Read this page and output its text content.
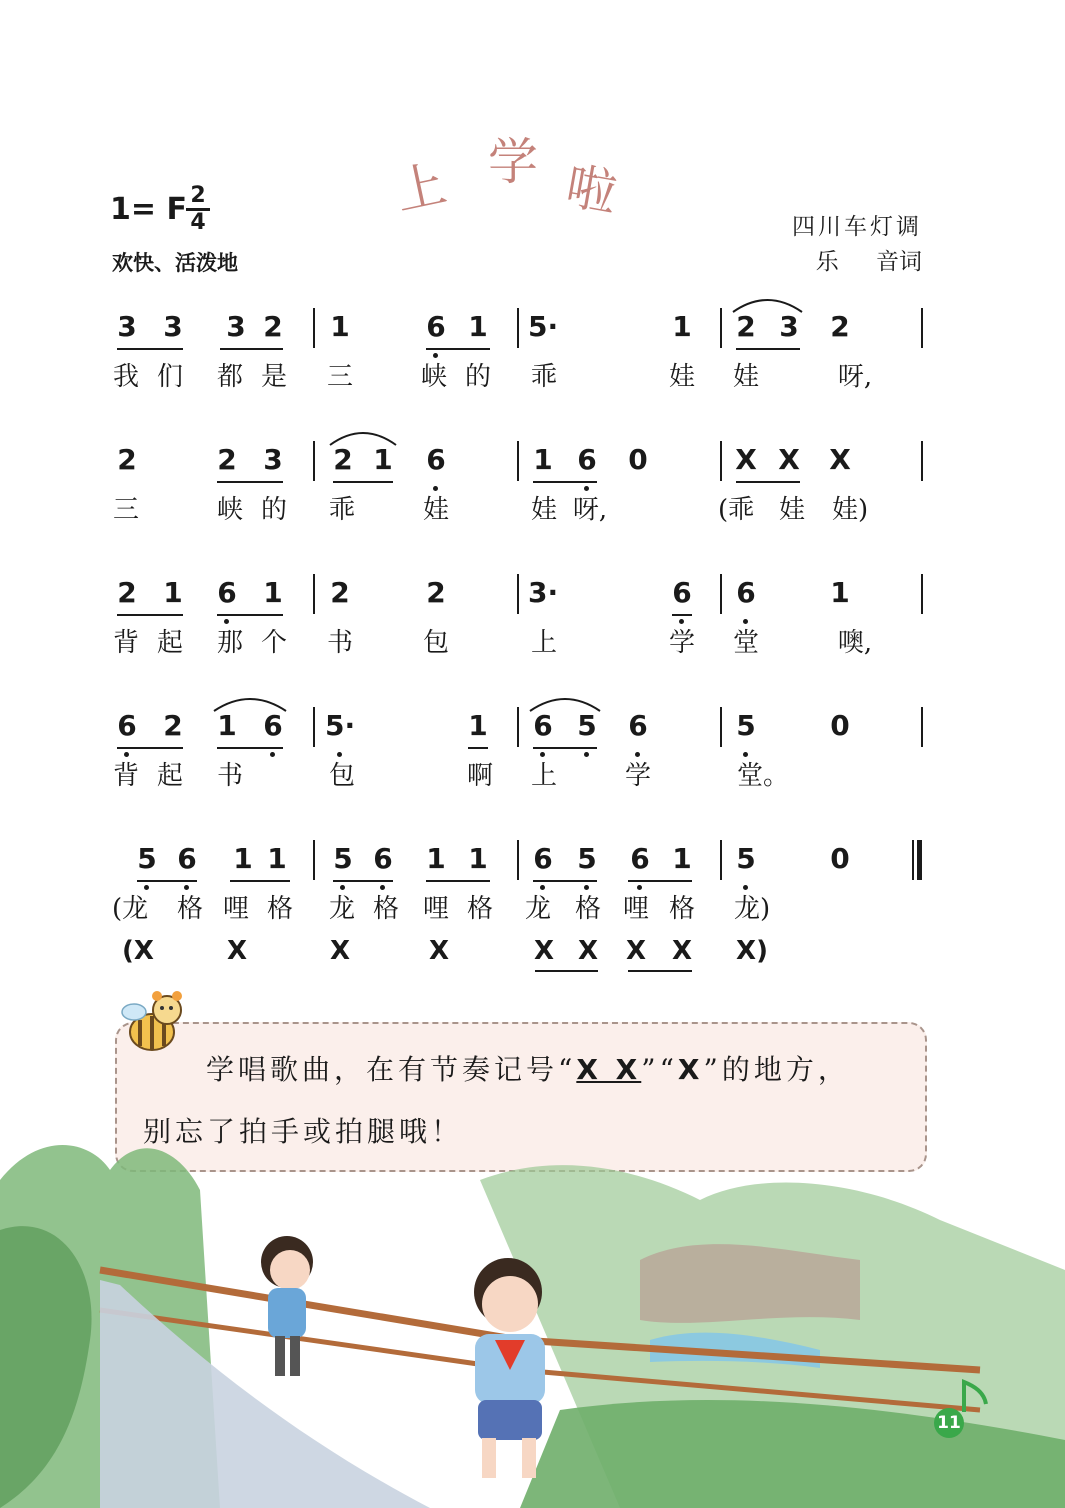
上 学 啦
1= F $\frac{2}{4}$
欢快、活泼地
四川车灯调
乐 音词
3 3 3 2 1	6 1 5·	1 2 3 2
我 们 都 是 三	峡 的 乖	娃 娃	呀,
2	2 3 2 1 6	1 6 0	X X X
三	峡 的 乖	娃	娃 呀,	(乖 娃 娃)
2 1 6 1 2	2	3·	6 6	1
背 起 那 个 书	包	上	学 堂	噢,
6 2 1 6 5·	1 6 5 6	5	0
背 起 书	包	啊 上	学	堂。
5 6 1 1 5 6 1 1 6 5 6 1 5	0
(龙 格 哩 格 龙 格 哩 格 龙 格 哩 格 龙)
(X	X	X	X	X X	X X	X)
学唱歌曲，在有节奏记号“X X”“X”的地方，
别忘了拍手或拍腿哦！
11
